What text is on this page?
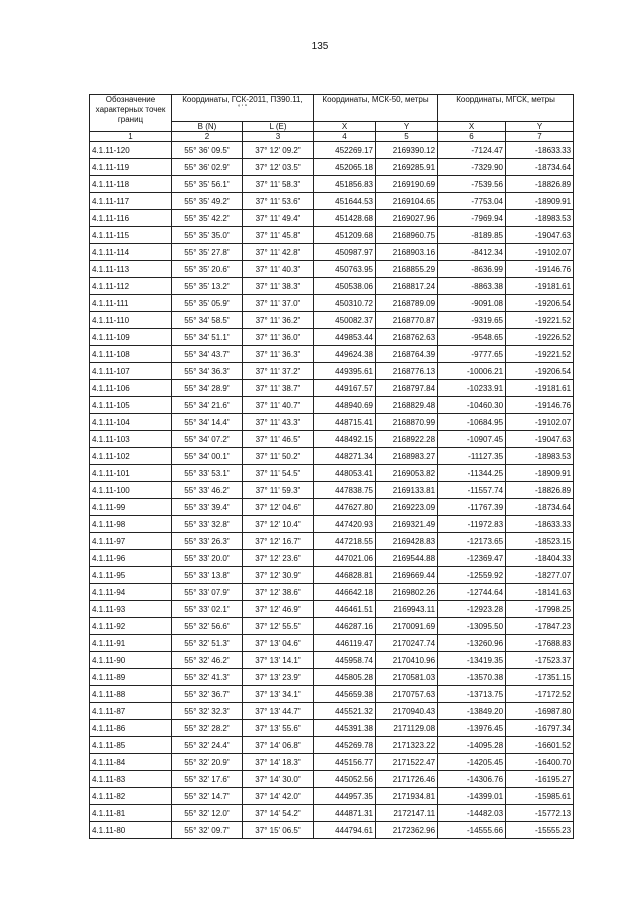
135
Обозначение характерных точек границ	Координаты, ГСК-2011, ПЗ90.11,
° ' "		Координаты, МСК-50, метры		Координаты, МГСК, метры	
	B (N)	L (E)	X	Y	X	Y
1	2	3	4	5	6	7
4.1.11-120	55° 36' 09.5"	37° 12' 09.2"	452269.17	2169390.12	-7124.47	-18633.33
4.1.11-119	55° 36' 02.9"	37° 12' 03.5"	452065.18	2169285.91	-7329.90	-18734.64
4.1.11-118	55° 35' 56.1"	37° 11' 58.3"	451856.83	2169190.69	-7539.56	-18826.89
4.1.11-117	55° 35' 49.2"	37° 11' 53.6"	451644.53	2169104.65	-7753.04	-18909.91
4.1.11-116	55° 35' 42.2"	37° 11' 49.4"	451428.68	2169027.96	-7969.94	-18983.53
4.1.11-115	55° 35' 35.0"	37° 11' 45.8"	451209.68	2168960.75	-8189.85	-19047.63
4.1.11-114	55° 35' 27.8"	37° 11' 42.8"	450987.97	2168903.16	-8412.34	-19102.07
4.1.11-113	55° 35' 20.6"	37° 11' 40.3"	450763.95	2168855.29	-8636.99	-19146.76
4.1.11-112	55° 35' 13.2"	37° 11' 38.3"	450538.06	2168817.24	-8863.38	-19181.61
4.1.11-111	55° 35' 05.9"	37° 11' 37.0"	450310.72	2168789.09	-9091.08	-19206.54
4.1.11-110	55° 34' 58.5"	37° 11' 36.2"	450082.37	2168770.87	-9319.65	-19221.52
4.1.11-109	55° 34' 51.1"	37° 11' 36.0"	449853.44	2168762.63	-9548.65	-19226.52
4.1.11-108	55° 34' 43.7"	37° 11' 36.3"	449624.38	2168764.39	-9777.65	-19221.52
4.1.11-107	55° 34' 36.3"	37° 11' 37.2"	449395.61	2168776.13	-10006.21	-19206.54
4.1.11-106	55° 34' 28.9"	37° 11' 38.7"	449167.57	2168797.84	-10233.91	-19181.61
4.1.11-105	55° 34' 21.6"	37° 11' 40.7"	448940.69	2168829.48	-10460.30	-19146.76
4.1.11-104	55° 34' 14.4"	37° 11' 43.3"	448715.41	2168870.99	-10684.95	-19102.07
4.1.11-103	55° 34' 07.2"	37° 11' 46.5"	448492.15	2168922.28	-10907.45	-19047.63
4.1.11-102	55° 34' 00.1"	37° 11' 50.2"	448271.34	2168983.27	-11127.35	-18983.53
4.1.11-101	55° 33' 53.1"	37° 11' 54.5"	448053.41	2169053.82	-11344.25	-18909.91
4.1.11-100	55° 33' 46.2"	37° 11' 59.3"	447838.75	2169133.81	-11557.74	-18826.89
4.1.11-99	55° 33' 39.4"	37° 12' 04.6"	447627.80	2169223.09	-11767.39	-18734.64
4.1.11-98	55° 33' 32.8"	37° 12' 10.4"	447420.93	2169321.49	-11972.83	-18633.33
4.1.11-97	55° 33' 26.3"	37° 12' 16.7"	447218.55	2169428.83	-12173.65	-18523.15
4.1.11-96	55° 33' 20.0"	37° 12' 23.6"	447021.06	2169544.88	-12369.47	-18404.33
4.1.11-95	55° 33' 13.8"	37° 12' 30.9"	446828.81	2169669.44	-12559.92	-18277.07
4.1.11-94	55° 33' 07.9"	37° 12' 38.6"	446642.18	2169802.26	-12744.64	-18141.63
4.1.11-93	55° 33' 02.1"	37° 12' 46.9"	446461.51	2169943.11	-12923.28	-17998.25
4.1.11-92	55° 32' 56.6"	37° 12' 55.5"	446287.16	2170091.69	-13095.50	-17847.23
4.1.11-91	55° 32' 51.3"	37° 13' 04.6"	446119.47	2170247.74	-13260.96	-17688.83
4.1.11-90	55° 32' 46.2"	37° 13' 14.1"	445958.74	2170410.96	-13419.35	-17523.37
4.1.11-89	55° 32' 41.3"	37° 13' 23.9"	445805.28	2170581.03	-13570.38	-17351.15
4.1.11-88	55° 32' 36.7"	37° 13' 34.1"	445659.38	2170757.63	-13713.75	-17172.52
4.1.11-87	55° 32' 32.3"	37° 13' 44.7"	445521.32	2170940.43	-13849.20	-16987.80
4.1.11-86	55° 32' 28.2"	37° 13' 55.6"	445391.38	2171129.08	-13976.45	-16797.34
4.1.11-85	55° 32' 24.4"	37° 14' 06.8"	445269.78	2171323.22	-14095.28	-16601.52
4.1.11-84	55° 32' 20.9"	37° 14' 18.3"	445156.77	2171522.47	-14205.45	-16400.70
4.1.11-83	55° 32' 17.6"	37° 14' 30.0"	445052.56	2171726.46	-14306.76	-16195.27
4.1.11-82	55° 32' 14.7"	37° 14' 42.0"	444957.35	2171934.81	-14399.01	-15985.61
4.1.11-81	55° 32' 12.0"	37° 14' 54.2"	444871.31	2172147.11	-14482.03	-15772.13
4.1.11-80	55° 32' 09.7"	37° 15' 06.5"	444794.61	2172362.96	-14555.66	-15555.23
